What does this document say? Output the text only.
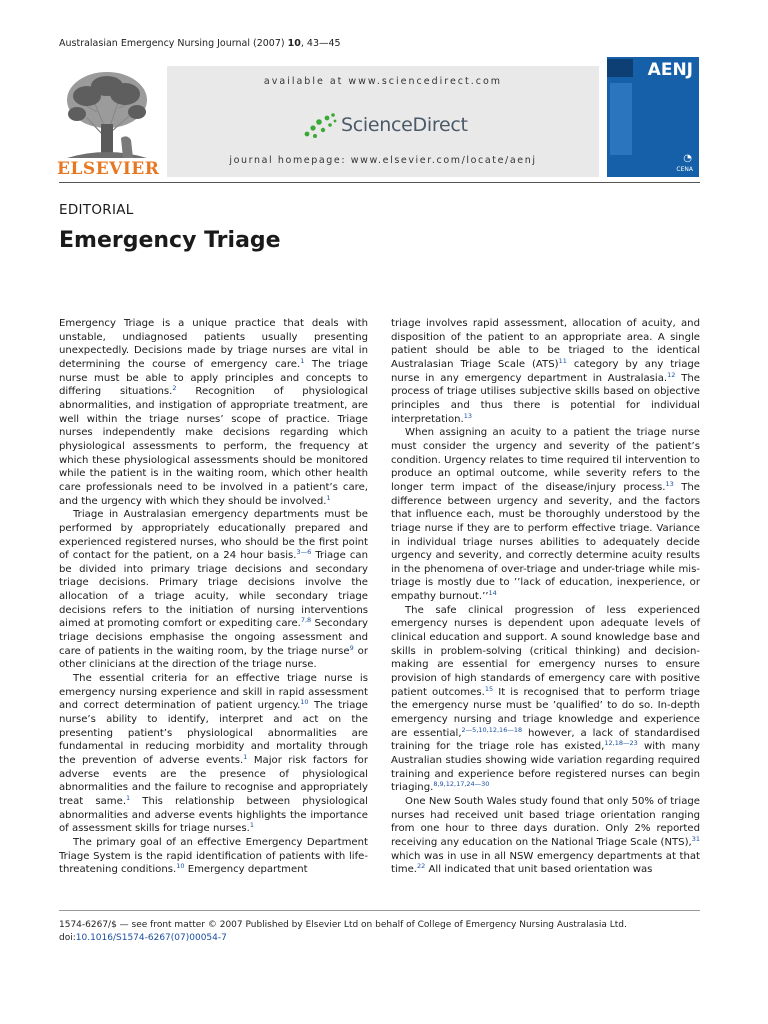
Australasian Emergency Nursing Journal (2007) 10, 43—45
ELSEVIER
available at www.sciencedirect.com
ScienceDirect
journal homepage: www.elsevier.com/locate/aenj
AENJ
◔
CENA
EDITORIAL
Emergency Triage

Emergency Triage is a unique practice that deals with unstable, undiagnosed patients usually presenting unexpectedly. Decisions made by triage nurses are vital in determining the course of emergency care.$^1$ The triage nurse must be able to apply principles and concepts to differing situations.$^2$ Recognition of physiological abnormalities, and instigation of appropriate treatment, are well within the triage nurses’ scope of practice. Triage nurses independently make decisions regarding which physiological assessments to perform, the frequency at which these physiological assessments should be monitored while the patient is in the waiting room, which other health care professionals need to be involved in a patient’s care, and the urgency with which they should be involved.$^1$

Triage in Australasian emergency departments must be performed by appropriately educationally prepared and experienced registered nurses, who should be the first point of contact for the patient, on a 24 hour basis.$^{3—6}$ Triage can be divided into primary triage decisions and secondary triage decisions. Primary triage decisions involve the allocation of a triage acuity, while secondary triage decisions refers to the initiation of nursing interventions aimed at promoting comfort or expediting care.$^{7,8}$ Secondary triage decisions emphasise the ongoing assessment and care of patients in the waiting room, by the triage nurse$^9$ or other clinicians at the direction of the triage nurse.

The essential criteria for an effective triage nurse is emergency nursing experience and skill in rapid assessment and correct determination of patient urgency.$^{10}$ The triage nurse’s ability to identify, interpret and act on the presenting patient’s physiological abnormalities are fundamental in reducing morbidity and mortality through the prevention of adverse events.$^1$ Major risk factors for adverse events are the presence of physiological abnormalities and the failure to recognise and appropriately treat same.$^1$ This relationship between physiological abnormalities and adverse events highlights the importance of assessment skills for triage nurses.$^1$

The primary goal of an effective Emergency Department Triage System is the rapid identification of patients with life-threatening conditions.$^{10}$ Emergency department

triage involves rapid assessment, allocation of acuity, and disposition of the patient to an appropriate area. A single patient should be able to be triaged to the identical Australasian Triage Scale (ATS)$^{11}$ category by any triage nurse in any emergency department in Australasia.$^{12}$ The process of triage utilises subjective skills based on objective principles and thus there is potential for individual interpretation.$^{13}$

When assigning an acuity to a patient the triage nurse must consider the urgency and severity of the patient’s condition. Urgency relates to time required til intervention to produce an optimal outcome, while severity refers to the longer term impact of the disease/injury process.$^{13}$ The difference between urgency and severity, and the factors that influence each, must be thoroughly understood by the triage nurse if they are to perform effective triage. Variance in individual triage nurses abilities to adequately decide urgency and severity, and correctly determine acuity results in the phenomena of over-triage and under-triage while mis-triage is mostly due to ’’lack of education, inexperience, or empathy burnout.’’$^{14}$

The safe clinical progression of less experienced emergency nurses is dependent upon adequate levels of clinical education and support. A sound knowledge base and skills in problem-solving (critical thinking) and decision-making are essential for emergency nurses to ensure provision of high standards of emergency care with positive patient outcomes.$^{15}$ It is recognised that to perform triage the emergency nurse must be ’qualified’ to do so. In-depth emergency nursing and triage knowledge and experience are essential,$^{2—5,10,12,16—18}$ however, a lack of standardised training for the triage role has existed,$^{12,18—23}$ with many Australian studies showing wide variation regarding required training and experience before registered nurses can begin triaging.$^{8,9,12,17,24—30}$

One New South Wales study found that only 50% of triage nurses had received unit based triage orientation ranging from one hour to three days duration. Only 2% reported receiving any education on the National Triage Scale (NTS),$^{31}$ which was in use in all NSW emergency departments at that time.$^{22}$ All indicated that unit based orientation was

1574-6267/$ — see front matter © 2007 Published by Elsevier Ltd on behalf of College of Emergency Nursing Australasia Ltd.
doi:10.1016/S1574-6267(07)00054-7
